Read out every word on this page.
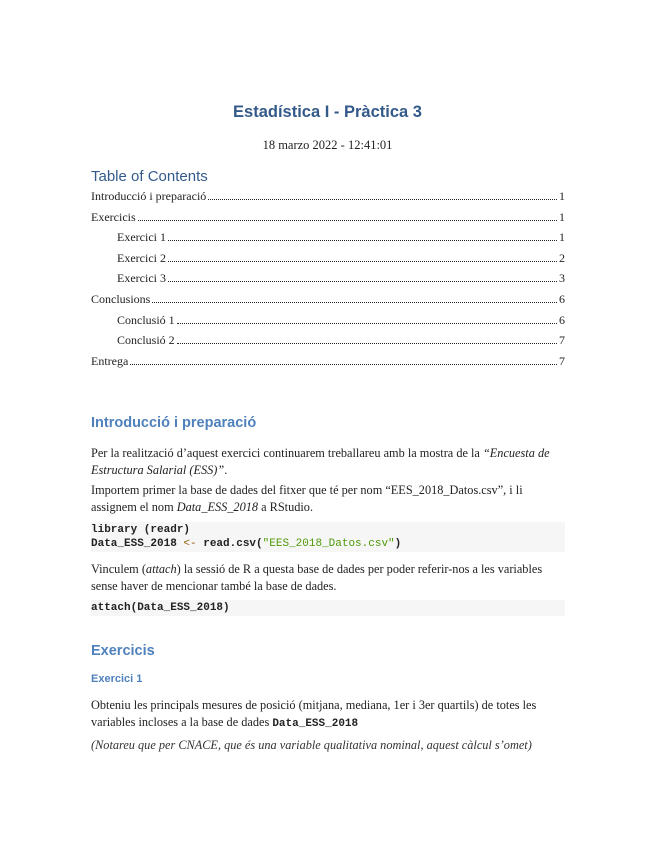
Estadística I - Pràctica 3
18 marzo 2022 - 12:41:01
Table of Contents
Introducció i preparació	1
Exercicis	1
Exercici 1	1
Exercici 2	2
Exercici 3	3
Conclusions	6
Conclusió 1	6
Conclusió 2	7
Entrega	7
Introducció i preparació
Per la realització d’aquest exercici continuarem treballareu amb la mostra de la “Encuesta de Estructura Salarial (ESS)”.
Importem primer la base de dades del fitxer que té per nom “EES_2018_Datos.csv”, i li assignem el nom Data_ESS_2018 a RStudio.
library (readr)
Data_ESS_2018 <- read.csv("EES_2018_Datos.csv")
Vinculem (attach) la sessió de R a questa base de dades per poder referir-nos a les variables sense haver de mencionar també la base de dades.
attach(Data_ESS_2018)
Exercicis
Exercici 1
Obteniu les principals mesures de posició (mitjana, mediana, 1er i 3er quartils) de totes les variables incloses a la base de dades Data_ESS_2018
(Notareu que per CNACE, que és una variable qualitativa nominal, aquest càlcul s’omet)
